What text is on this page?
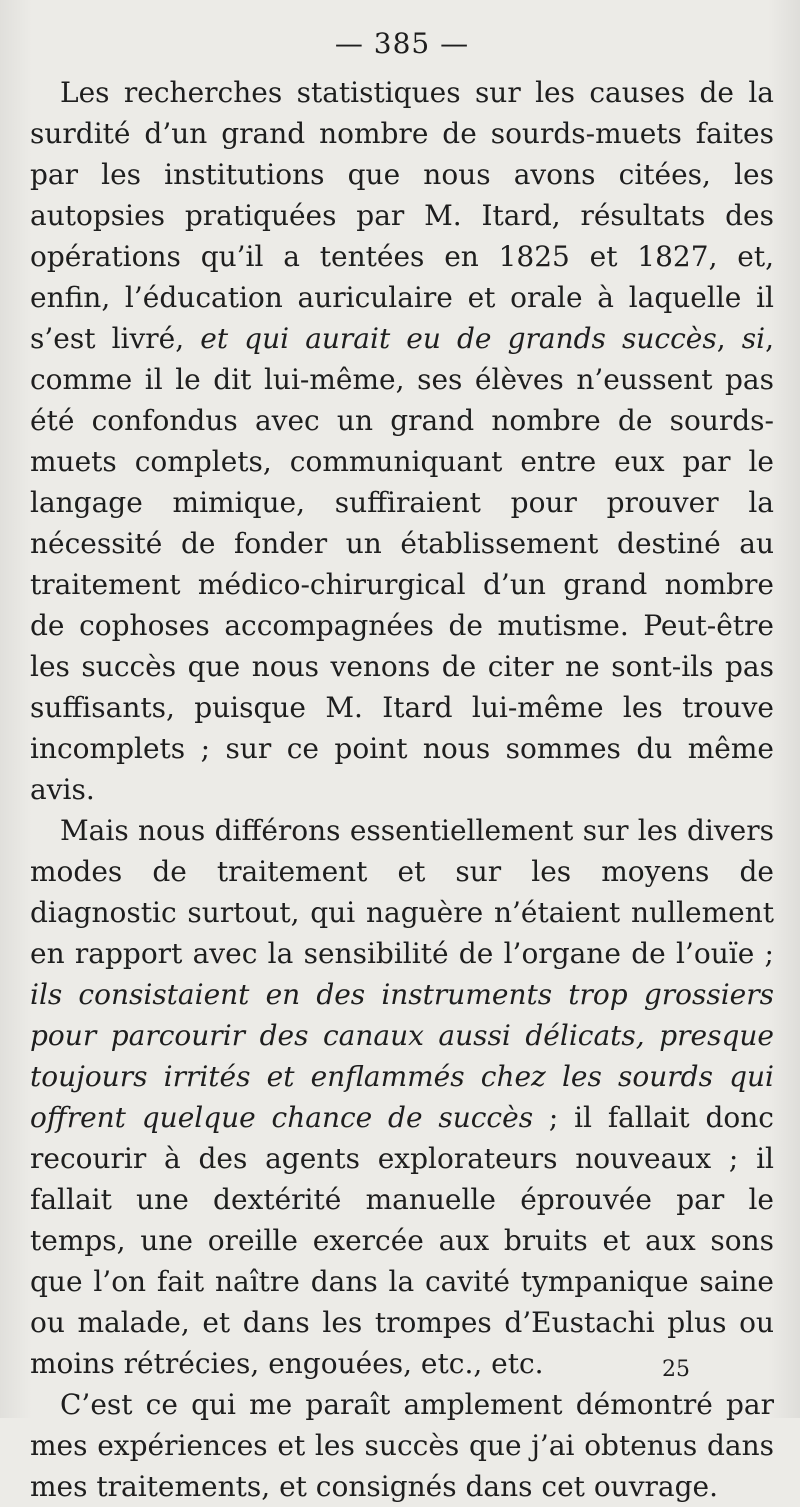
— 385 —

Les recherches statistiques sur les causes de la surdité d’un grand nombre de sourds-muets faites par les institutions que nous avons citées, les autopsies pratiquées par M. Itard, résultats des opérations qu’il a tentées en 1825 et 1827, et, enfin, l’éducation auriculaire et orale à laquelle il s’est livré, et qui aurait eu de grands succès, si, comme il le dit lui-même, ses élèves n’eussent pas été confondus avec un grand nombre de sourds-muets complets, communiquant entre eux par le langage mimique, suffiraient pour prouver la nécessité de fonder un établissement destiné au traitement médico-chirurgical d’un grand nombre de cophoses accompagnées de mutisme. Peut-être les succès que nous venons de citer ne sont-ils pas suffisants, puisque M. Itard lui-même les trouve incomplets ; sur ce point nous sommes du même avis.

Mais nous différons essentiellement sur les divers modes de traitement et sur les moyens de diagnostic surtout, qui naguère n’étaient nullement en rapport avec la sensibilité de l’organe de l’ouïe ; ils consistaient en des instruments trop grossiers pour parcourir des canaux aussi délicats, presque toujours irrités et enflammés chez les sourds qui offrent quelque chance de succès ; il fallait donc recourir à des agents explorateurs nouveaux ; il fallait une dextérité manuelle éprouvée par le temps, une oreille exercée aux bruits et aux sons que l’on fait naître dans la cavité tympanique saine ou malade, et dans les trompes d’Eustachi plus ou moins rétrécies, engouées, etc., etc.

C’est ce qui me paraît amplement démontré par mes expériences et les succès que j’ai obtenus dans mes traitements, et consignés dans cet ouvrage.

25
